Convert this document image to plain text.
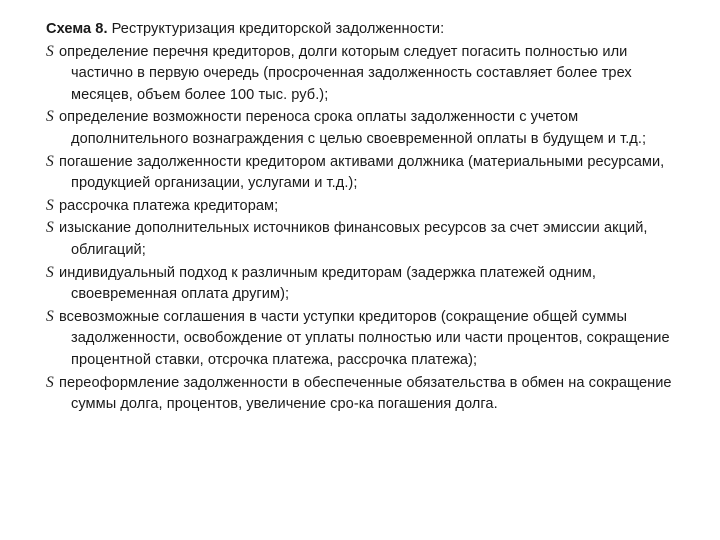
Схема 8. Реструктуризация кредиторской задолженности:

S определение перечня кредиторов, долги которым следует погасить полностью или частично в первую очередь (просроченная задолженность составляет более трех месяцев, объем более 100 тыс. руб.);
S определение возможности переноса срока оплаты задолженности с учетом дополнительного вознаграждения с целью своевременной оплаты в будущем и т.д.;
S погашение задолженности кредитором активами должника (материальными ресурсами, продукцией организации, услугами и т.д.);
S рассрочка платежа кредиторам;
S изыскание дополнительных источников финансовых ресурсов за счет эмиссии акций, облигаций;
S индивидуальный подход к различным кредиторам (задержка платежей одним, своевременная оплата другим);
S всевозможные соглашения в части уступки кредиторов (сокращение общей суммы задолженности, освобождение от уплаты полностью или части процентов, сокращение процентной ставки, отсрочка платежа, рассрочка платежа);
S переоформление задолженности в обеспеченные обязательства в обмен на сокращение суммы долга, процентов, увеличение сро-ка погашения долга.
